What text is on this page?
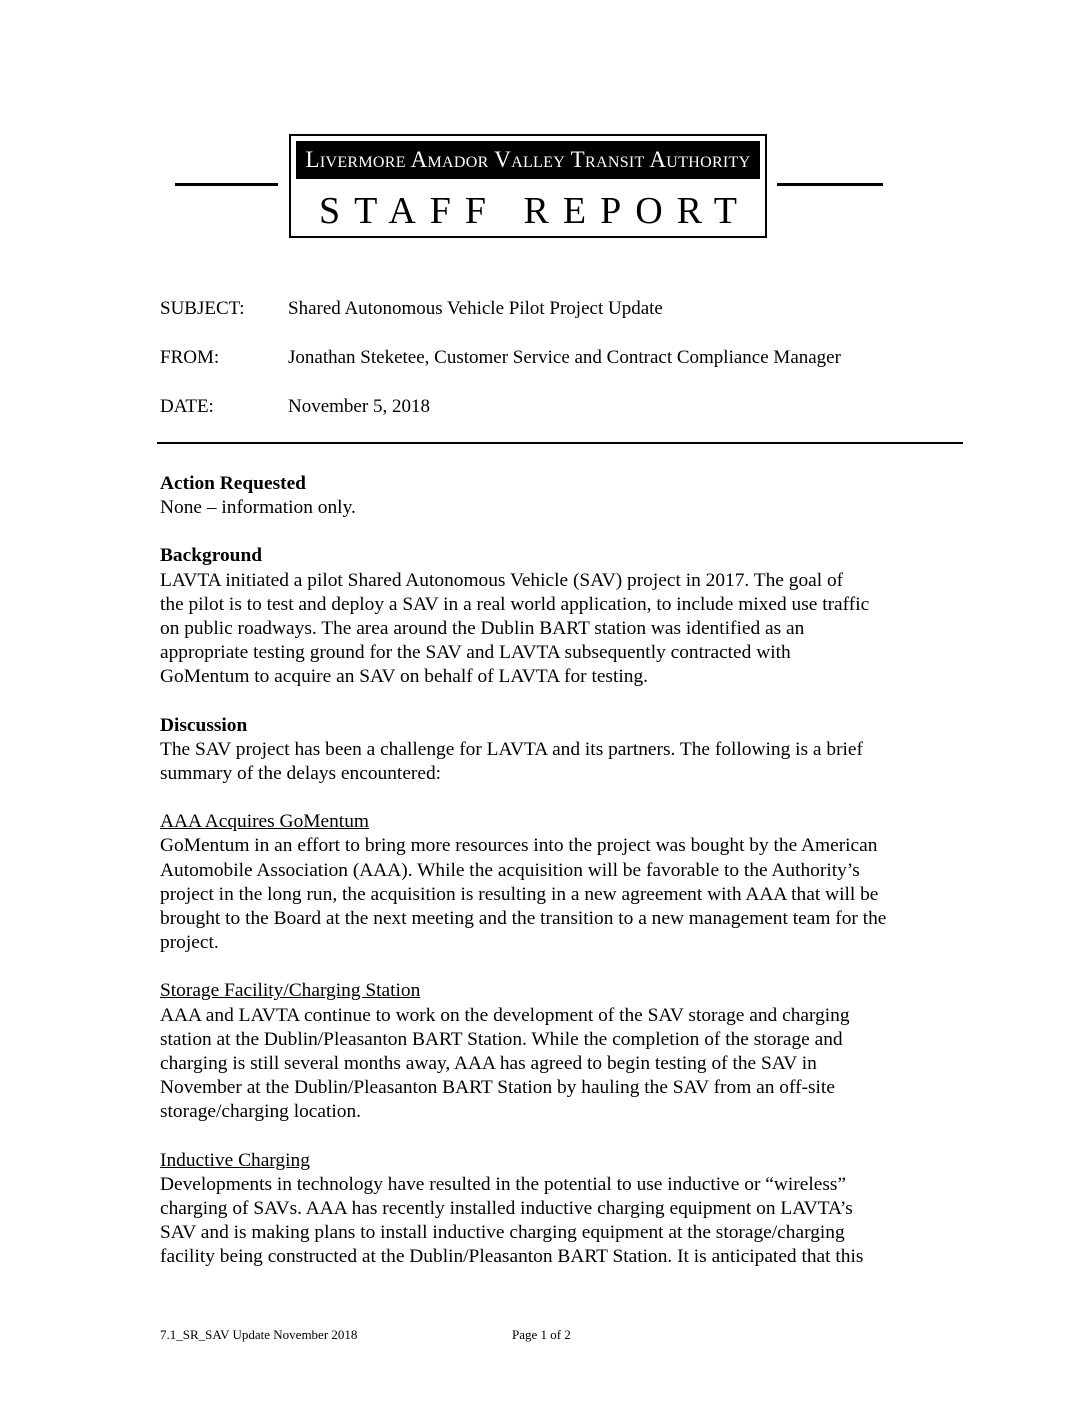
Livermore Amador Valley Transit Authority
STAFF REPORT
SUBJECT: Shared Autonomous Vehicle Pilot Project Update
FROM:	Jonathan Steketee, Customer Service and Contract Compliance Manager
DATE:	November 5, 2018
Action Requested

None – information only.

Background

LAVTA initiated a pilot Shared Autonomous Vehicle (SAV) project in 2017. The goal of
the pilot is to test and deploy a SAV in a real world application, to include mixed use traffic
on public roadways. The area around the Dublin BART station was identified as an
appropriate testing ground for the SAV and LAVTA subsequently contracted with
GoMentum to acquire an SAV on behalf of LAVTA for testing.

Discussion

The SAV project has been a challenge for LAVTA and its partners. The following is a brief
summary of the delays encountered:

AAA Acquires GoMentum

GoMentum in an effort to bring more resources into the project was bought by the American
Automobile Association (AAA). While the acquisition will be favorable to the Authority’s
project in the long run, the acquisition is resulting in a new agreement with AAA that will be
brought to the Board at the next meeting and the transition to a new management team for the
project.

Storage Facility/Charging Station

AAA and LAVTA continue to work on the development of the SAV storage and charging
station at the Dublin/Pleasanton BART Station. While the completion of the storage and
charging is still several months away, AAA has agreed to begin testing of the SAV in
November at the Dublin/Pleasanton BART Station by hauling the SAV from an off-site
storage/charging location.

Inductive Charging

Developments in technology have resulted in the potential to use inductive or “wireless”
charging of SAVs. AAA has recently installed inductive charging equipment on LAVTA’s
SAV and is making plans to install inductive charging equipment at the storage/charging
facility being constructed at the Dublin/Pleasanton BART Station. It is anticipated that this

7.1_SR_SAV Update November 2018	Page 1 of 2
